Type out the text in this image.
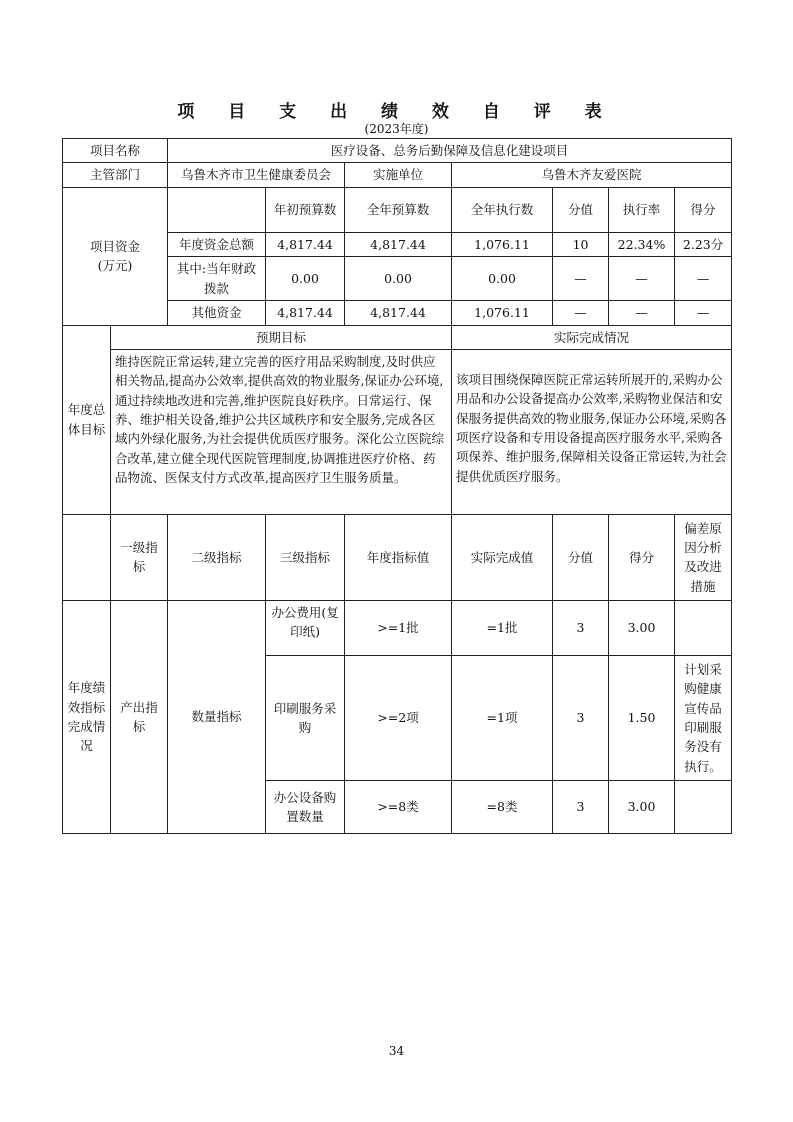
项 目 支 出 绩 效 自 评 表
(2023年度)
项目名称		医疗设备、总务后勤保障及信息化建设项目						
主管部门		乌鲁木齐市卫生健康委员会		实施单位	乌鲁木齐友爱医院			

项目资金
(万元)			年初预算数	全年预算数	全年执行数	分值	执行率	得分
		年度资金总额	4,817.44	4,817.44	1,076.11	10	22.34%	2.23分
		其中:当年财政拨款	0.00	0.00	0.00	—	—	—
		其他资金	4,817.44	4,817.44	1,076.11	—	—	—
年度总体目标	预期目标				实际完成情况			
	维持医院正常运转,建立完善的医疗用品采购制度,及时供应相关物品,提高办公效率,提供高效的物业服务,保证办公环境,通过持续地改进和完善,维护医院良好秩序。日常运行、保养、维护相关设备,维护公共区域秩序和安全服务,完成各区域内外绿化服务,为社会提供优质医疗服务。深化公立医院综合改革,建立健全现代医院管理制度,协调推进医疗价格、药品物流、医保支付方式改革,提高医疗卫生服务质量。				该项目围绕保障医院正常运转所展开的,采购办公用品和办公设备提高办公效率,采购物业保洁和安保服务提供高效的物业服务,保证办公环境,采购各项医疗设备和专用设备提高医疗服务水平,采购各项保养、维护服务,保障相关设备正常运转,为社会提供优质医疗服务。			
	一级指标	二级指标	三级指标	年度指标值	实际完成值	分值	得分	偏差原因分析及改进措施
年度绩效指标完成情况	产出指标	数量指标	办公费用(复印纸)	>=1批	=1批	3	3.00	
			印刷服务采购	>=2项	=1项	3	1.50	计划采购健康宣传品印刷服务没有执行。
			办公设备购置数量	>=8类	=8类	3	3.00	
34
